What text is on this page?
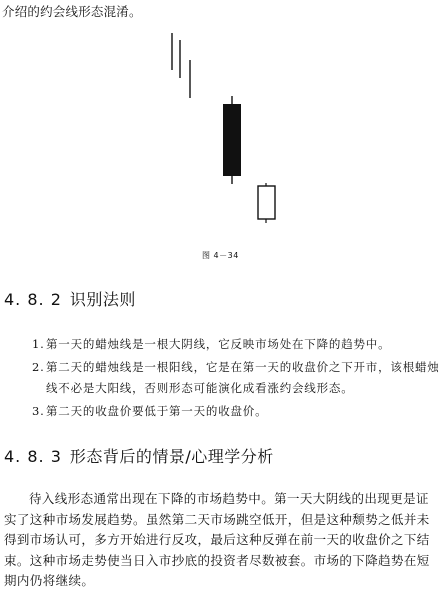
介绍的约会线形态混淆。
图 4－34
4. 8. 2 识别法则
1. 第一天的蜡烛线是一根大阴线，它反映市场处在下降的趋势中。
2. 第二天的蜡烛线是一根阳线，它是在第一天的收盘价之下开市，该根蜡烛线不必是大阳线，否则形态可能演化成看涨约会线形态。
3. 第二天的收盘价要低于第一天的收盘价。
4. 8. 3 形态背后的情景/心理学分析
待入线形态通常出现在下降的市场趋势中。第一天大阴线的出现更是证实了这种市场发展趋势。虽然第二天市场跳空低开，但是这种颓势之低并未得到市场认可，多方开始进行反攻，最后这种反弹在前一天的收盘价之下结束。这种市场走势使当日入市抄底的投资者尽数被套。市场的下降趋势在短期内仍将继续。
